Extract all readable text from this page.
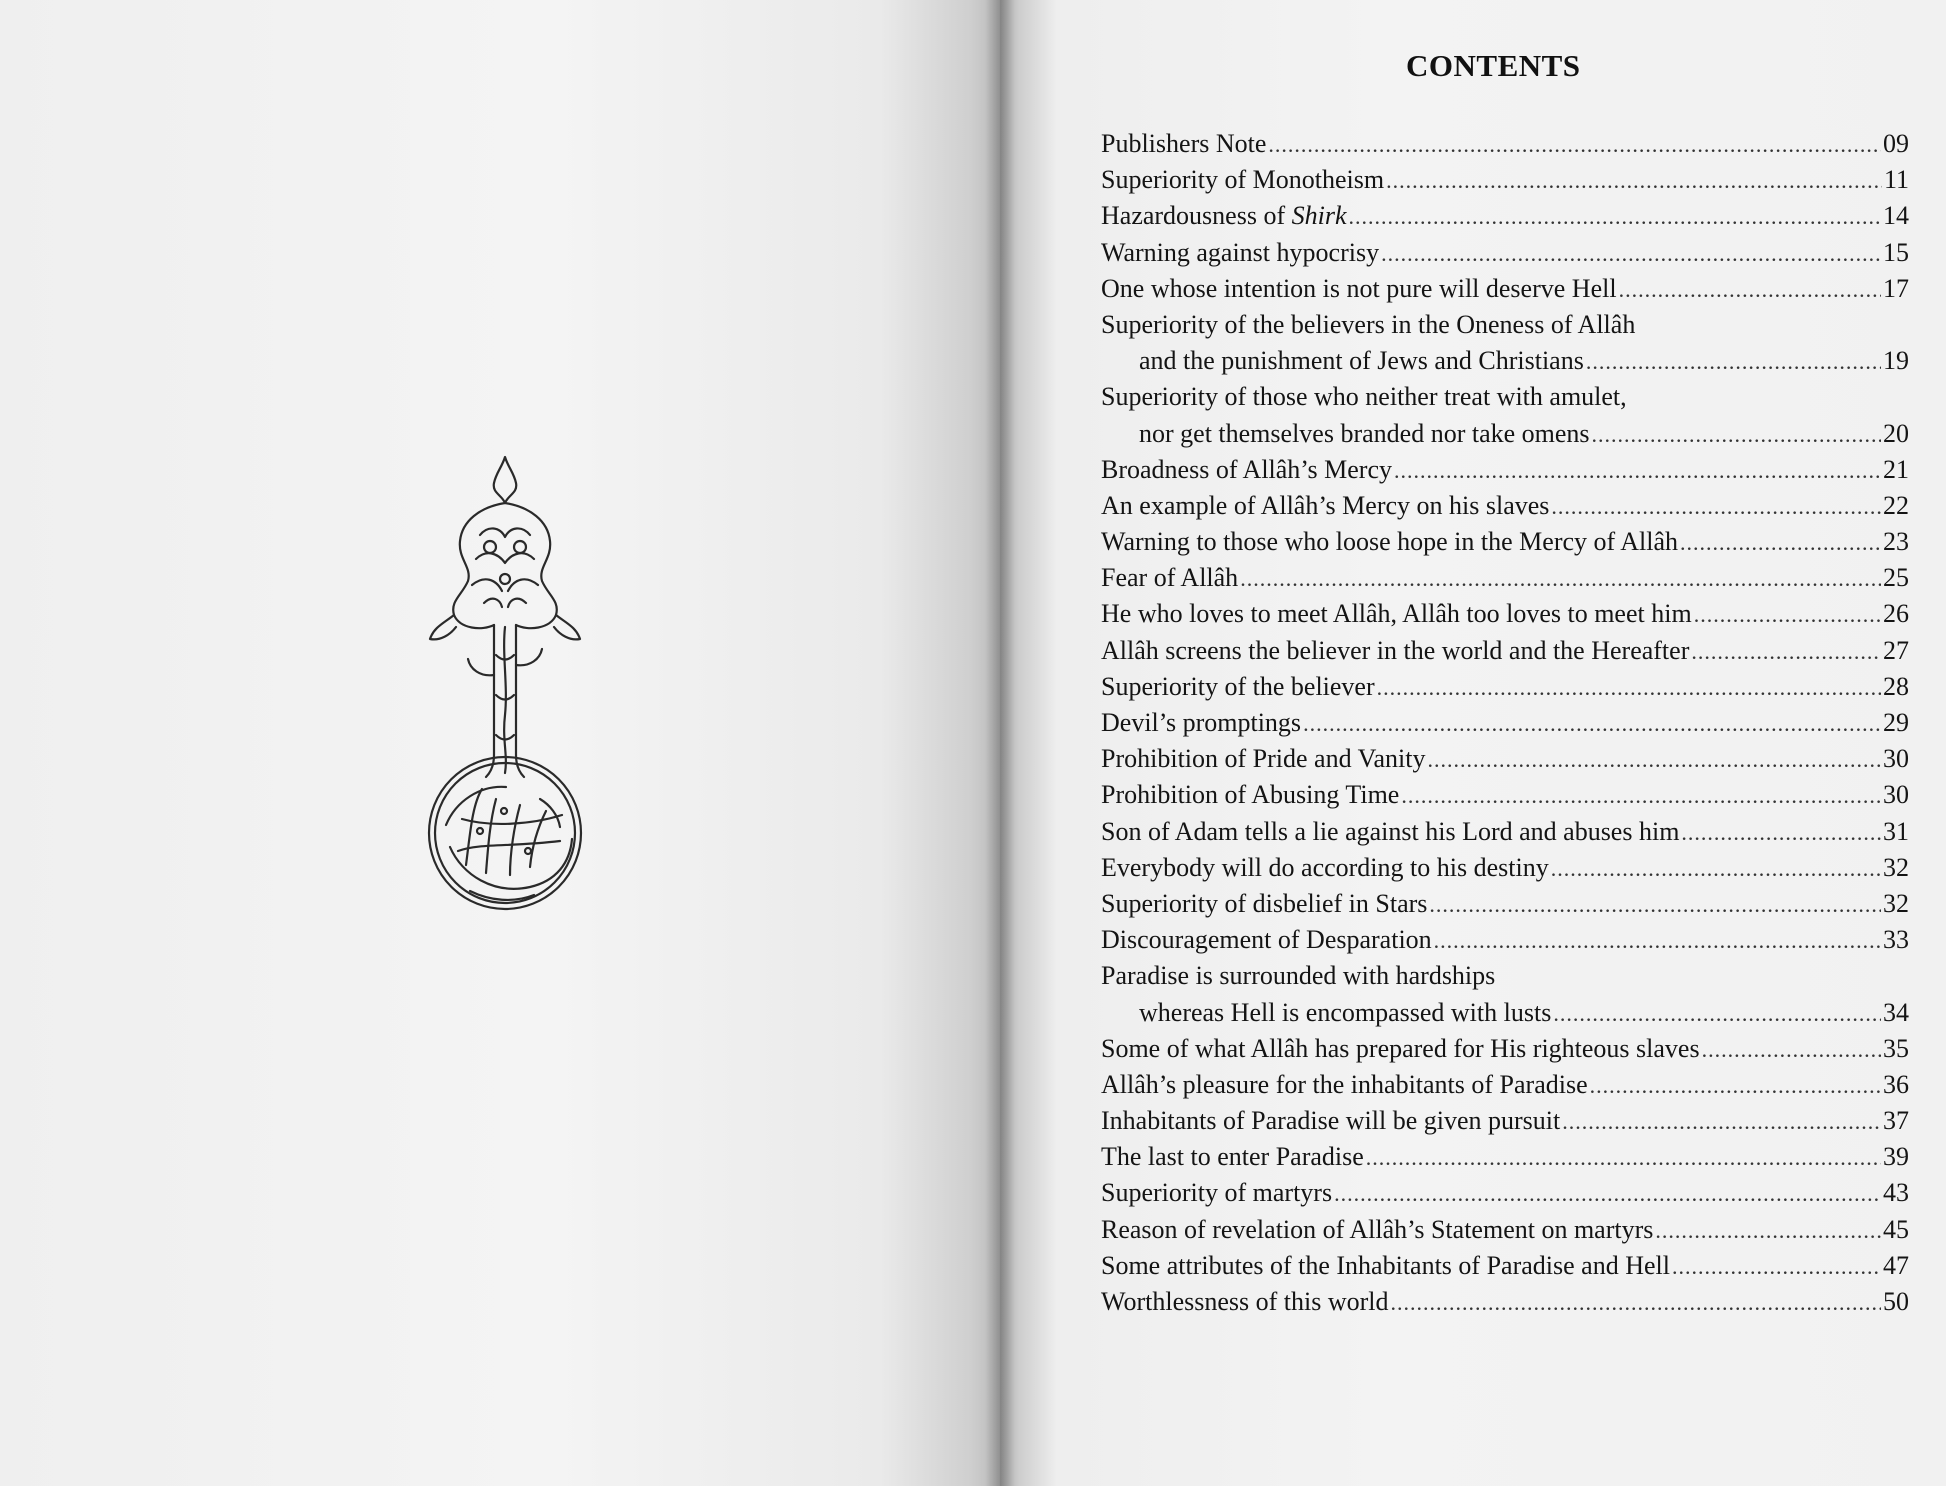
CONTENTS
Publishers Note .....	09
Superiority of Monotheism .....	11
Hazardousness of Shirk .....	14
Warning against hypocrisy .....	15
One whose intention is not pure will deserve Hell .....	17
Superiority of the believers in the Oneness of Allâh
and the punishment of Jews and Christians .....	19
Superiority of those who neither treat with amulet,
nor get themselves branded nor take omens .....	20
Broadness of Allâh’s Mercy .....	21
An example of Allâh’s Mercy on his slaves .....	22
Warning to those who loose hope in the Mercy of Allâh .....	23
Fear of Allâh .....	25
He who loves to meet Allâh, Allâh too loves to meet him .....	26
Allâh screens the believer in the world and the Hereafter .....	27
Superiority of the believer .....	28
Devil’s promptings .....	29
Prohibition of Pride and Vanity .....	30
Prohibition of Abusing Time .....	30
Son of Adam tells a lie against his Lord and abuses him .....	31
Everybody will do according to his destiny .....	32
Superiority of disbelief in Stars .....	32
Discouragement of Desparation .....	33
Paradise is surrounded with hardships
whereas Hell is encompassed with lusts .....	34
Some of what Allâh has prepared for His righteous slaves .....	35
Allâh’s pleasure for the inhabitants of Paradise .....	36
Inhabitants of Paradise will be given pursuit .....	37
The last to enter Paradise .....	39
Superiority of martyrs .....	43
Reason of revelation of Allâh’s Statement on martyrs .....	45
Some attributes of the Inhabitants of Paradise and Hell .....	47
Worthlessness of this world .....	50
